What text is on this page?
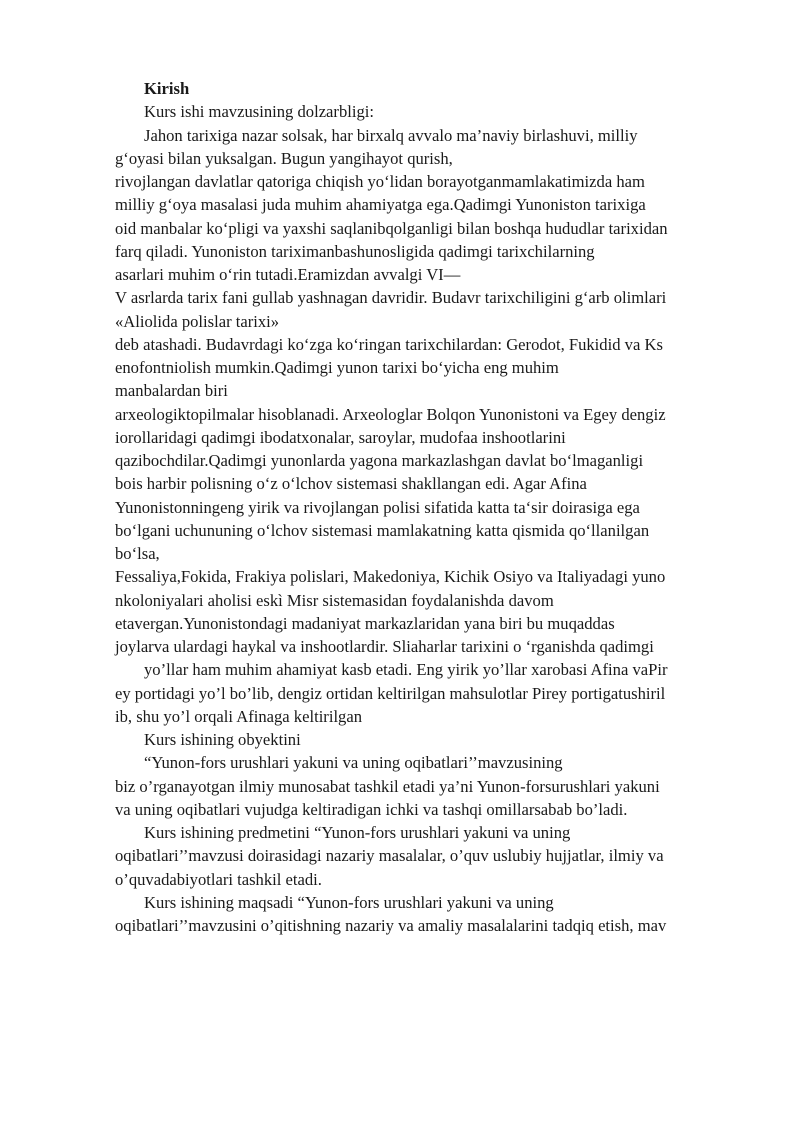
Kirish
Kurs ishi mavzusining dolzarbligi:
Jahon tarixiga nazar solsak, har birxalq avvalo ma’naviy birlashuvi, milliy
g‘oyasi bilan yuksalgan. Bugun yangihayot qurish,
rivojlangan davlatlar qatoriga chiqish yo‘lidan borayotganmamlakatimizda ham
milliy g‘oya masalasi juda muhim ahamiyatga ega.Qadimgi Yunoniston tarixiga
oid manbalar ko‘pligi va yaxshi saqlanibqolganligi bilan boshqa hududlar tarixidan
farq qiladi. Yunoniston tariximanbashunosligida qadimgi tarixchilarning
asarlari muhim o‘rin tutadi.Eramizdan avvalgi VI—
V asrlarda tarix fani gullab yashnagan davridir. Budavr tarixchiligini g‘arb olimlari
«Aliolida polislar tarixi»
deb atashadi. Budavrdagi ko‘zga ko‘ringan tarixchilardan: Gerodot, Fukidid va Ks
enofontniolish mumkin.Qadimgi yunon tarixi bo‘yicha eng muhim
manbalardan biri
arxeologiktopilmalar hisoblanadi. Arxeologlar Bolqon Yunonistoni va Egey dengiz
iorollaridagi qadimgi ibodatxonalar, saroylar, mudofaa inshootlarini
qazibochdilar.Qadimgi yunonlarda yagona markazlashgan davlat bo‘lmaganligi
bois harbir polisning o‘z o‘lchov sistemasi shakllangan edi. Agar Afina
Yunonistonningeng yirik va rivojlangan polisi sifatida katta ta‘sir doirasiga ega
bo‘lgani uchununing o‘lchov sistemasi mamlakatning katta qismida qo‘llanilgan
bo‘lsa,
Fessaliya,Fokida, Frakiya polislari, Makedoniya, Kichik Osiyo va Italiyadagi yuno
nkoloniyalari aholisi eskì Misr sistemasidan foydalanishda davom
etavergan.Yunonistondagi madaniyat markazlaridan yana biri bu muqaddas
joylarva ulardagi haykal va inshootlardir. Sliaharlar tarixini o ‘rganishda qadimgi
yo’llar ham muhim ahamiyat kasb etadi. Eng yirik yo’llar xarobasi Afina vaPir
ey portidagi yo’l bo’lib, dengiz ortidan keltirilgan mahsulotlar Pirey portigatushiril
ib, shu yo’l orqali Afinaga keltirilgan
Kurs ishining obyektini
“Yunon-fors urushlari yakuni va uning oqibatlari’’mavzusining
biz o’rganayotgan ilmiy munosabat tashkil etadi ya’ni Yunon-forsurushlari yakuni
va uning oqibatlari vujudga keltiradigan ichki va tashqi omillarsabab bo’ladi.
Kurs ishining predmetini “Yunon-fors urushlari yakuni va uning
oqibatlari’’mavzusi doirasidagi nazariy masalalar, o’quv uslubiy hujjatlar, ilmiy va
o’quvadabiyotlari tashkil etadi.
Kurs ishining maqsadi “Yunon-fors urushlari yakuni va uning
oqibatlari’’mavzusini o’qitishning nazariy va amaliy masalalarini tadqiq etish, mav
